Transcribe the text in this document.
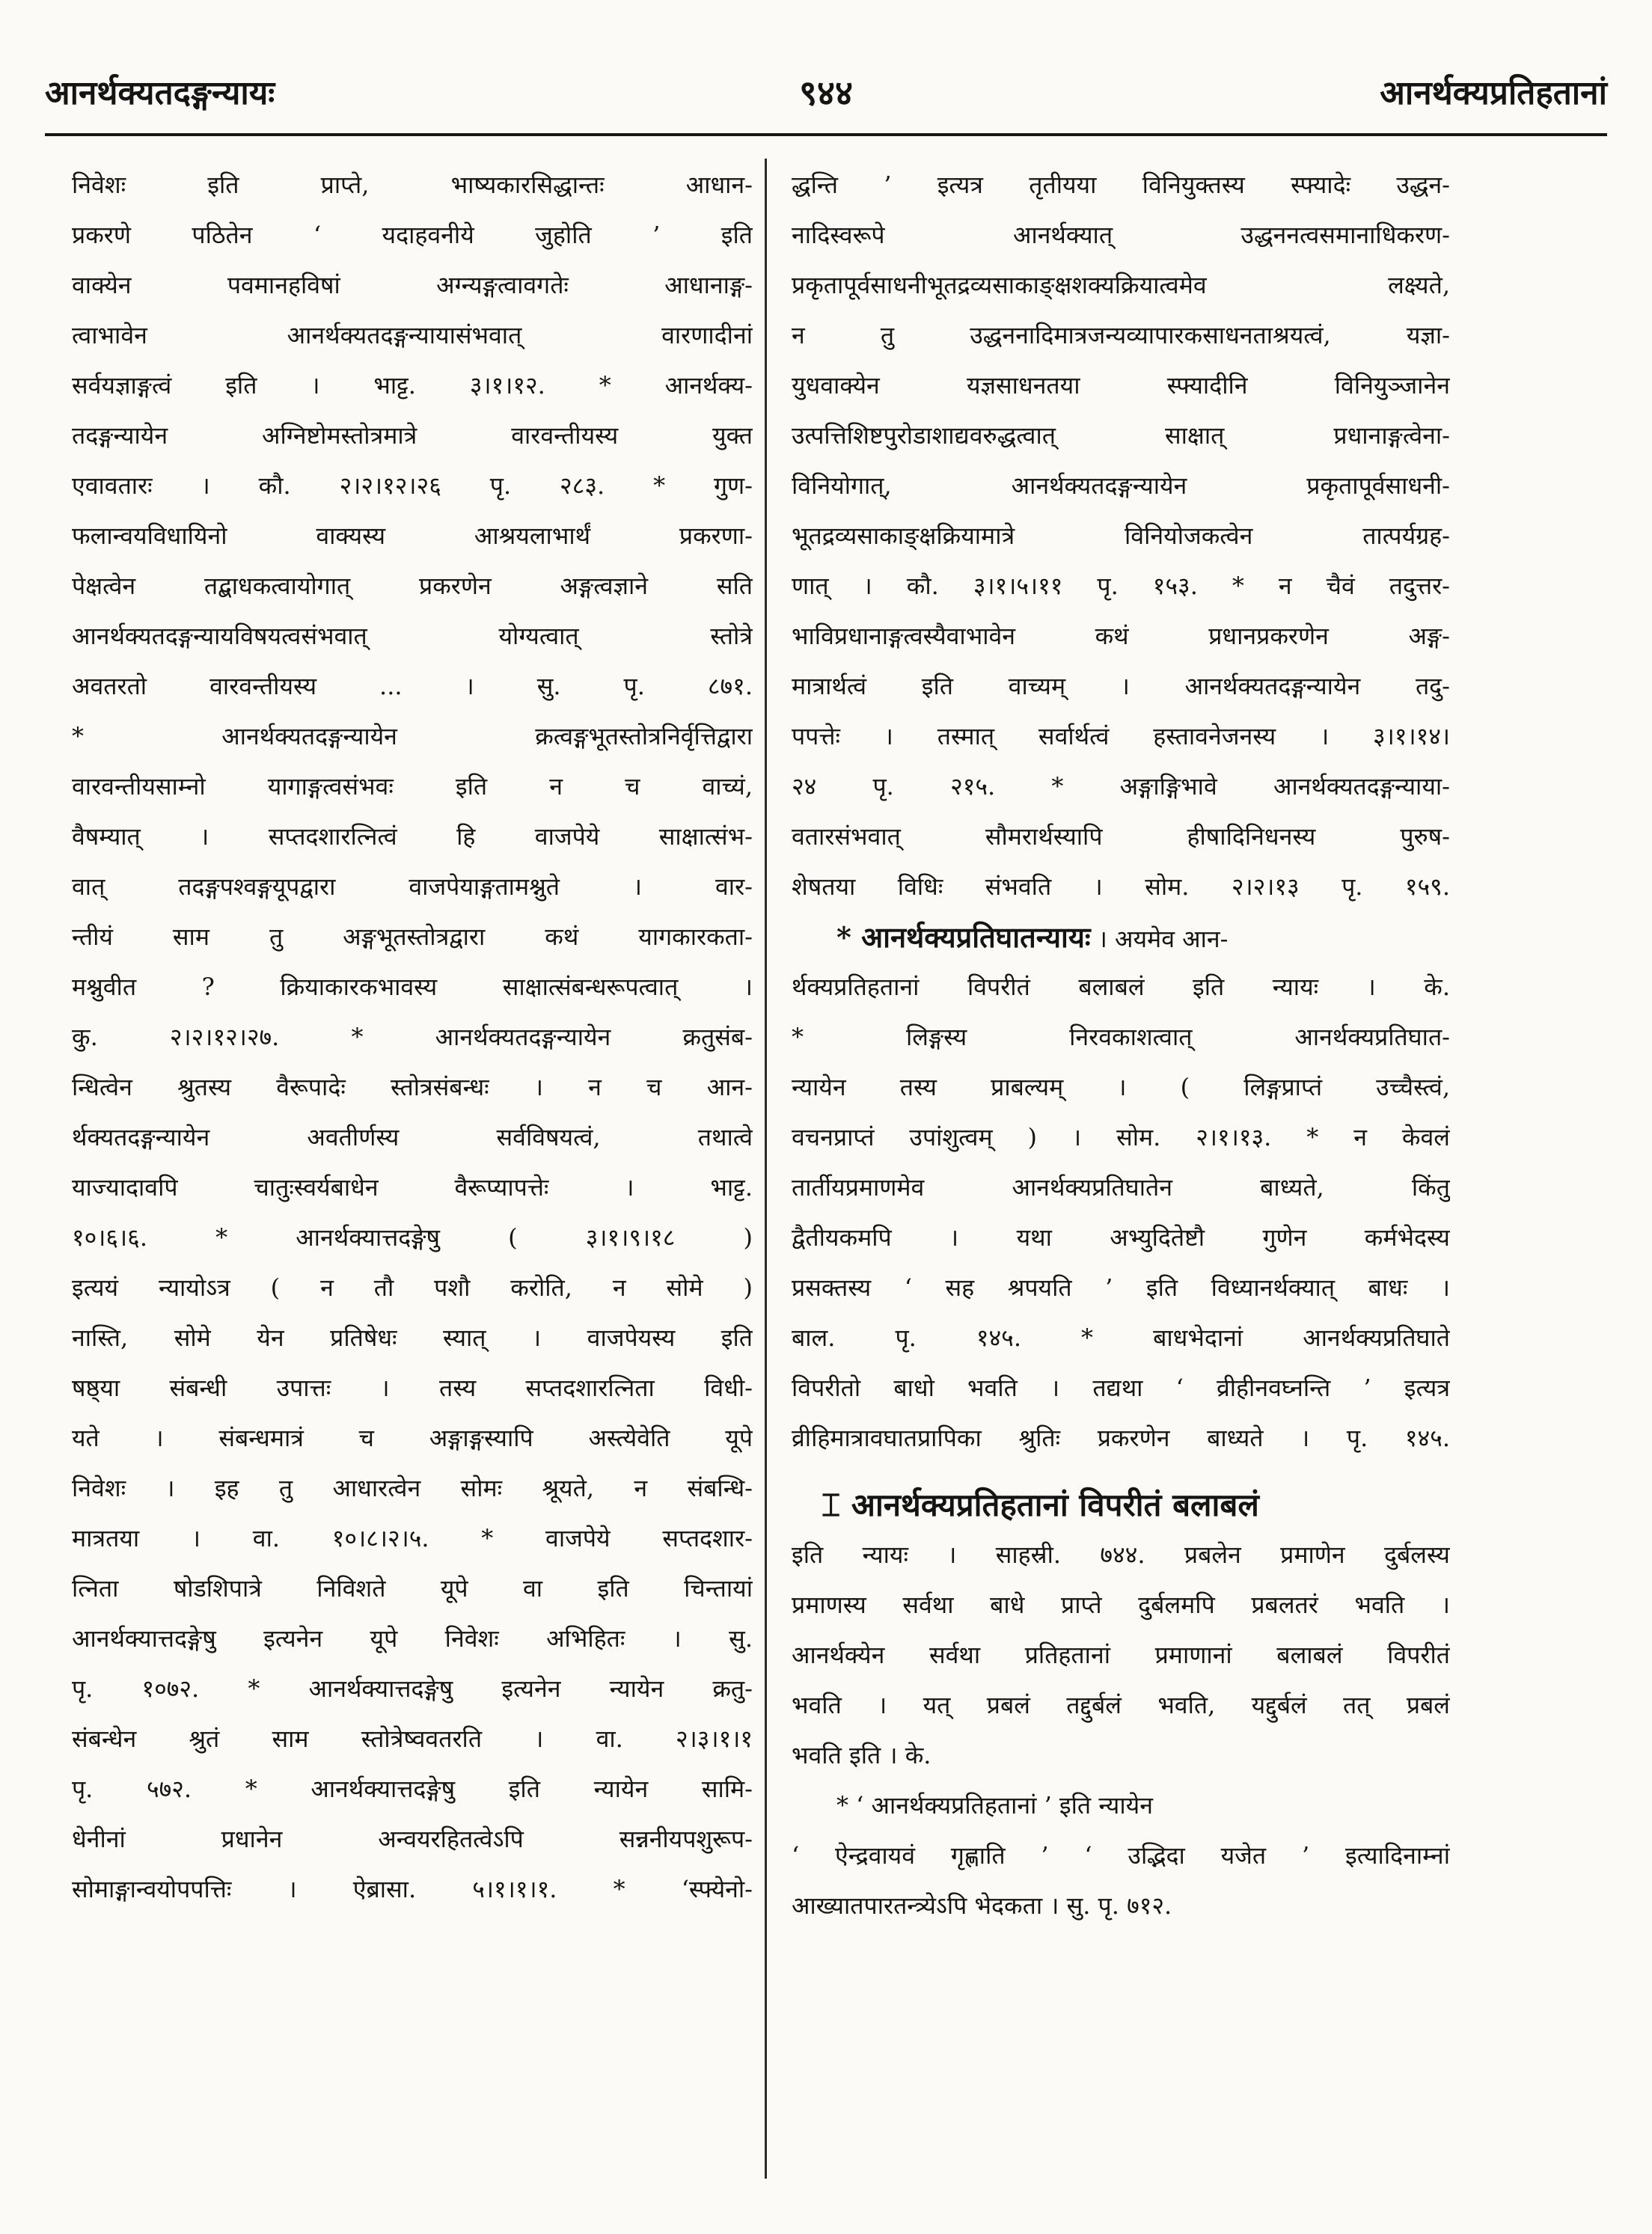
आनर्थक्यतदङ्गन्यायः	९४४	आनर्थक्यप्रतिहतानां
निवेशः इति प्राप्ते, भाष्यकारसिद्धान्तः आधान-
प्रकरणे पठितेन ‘ यदाहवनीये जुहोति ’ इति
वाक्येन पवमानहविषां अग्न्यङ्गत्वावगतेः आधानाङ्ग-
त्वाभावेन आनर्थक्यतदङ्गन्यायासंभवात् वारणादीनां
सर्वयज्ञाङ्गत्वं इति । भाट्ट. ३।१।१२. * आनर्थक्य-
तदङ्गन्यायेन अग्निष्टोमस्तोत्रमात्रे वारवन्तीयस्य युक्त
एवावतारः । कौ. २।२।१२।२६ पृ. २८३. * गुण-
फलान्वयविधायिनो वाक्यस्य आश्रयलाभार्थं प्रकरणा-
पेक्षत्वेन तद्बाधकत्वायोगात् प्रकरणेन अङ्गत्वज्ञाने सति
आनर्थक्यतदङ्गन्यायविषयत्वसंभवात् योग्यत्वात् स्तोत्रे
अवतरतो वारवन्तीयस्य ... । सु. पृ. ८७१.
* आनर्थक्यतदङ्गन्यायेन क्रत्वङ्गभूतस्तोत्रनिर्वृत्तिद्वारा
वारवन्तीयसाम्नो यागाङ्गत्वसंभवः इति न च वाच्यं,
वैषम्यात् । सप्तदशारत्नित्वं हि वाजपेये साक्षात्संभ-
वात् तदङ्गपश्वङ्गयूपद्वारा वाजपेयाङ्गतामश्नुते । वार-
न्तीयं साम तु अङ्गभूतस्तोत्रद्वारा कथं यागकारकता-
मश्नुवीत ? क्रियाकारकभावस्य साक्षात्संबन्धरूपत्वात् ।
कु. २।२।१२।२७. * आनर्थक्यतदङ्गन्यायेन क्रतुसंब-
न्धित्वेन श्रुतस्य वैरूपादेः स्तोत्रसंबन्धः । न च आन-
र्थक्यतदङ्गन्यायेन अवतीर्णस्य सर्वविषयत्वं, तथात्वे
याज्यादावपि चातुःस्वर्यबाधेन वैरूप्यापत्तेः । भाट्ट.
१०।६।६. * आनर्थक्यात्तदङ्गेषु ( ३।१।९।१८ )
इत्ययं न्यायोऽत्र ( न तौ पशौ करोति, न सोमे )
नास्ति, सोमे येन प्रतिषेधः स्यात् । वाजपेयस्य इति
षष्ठ्या संबन्धी उपात्तः । तस्य सप्तदशारत्निता विधी-
यते । संबन्धमात्रं च अङ्गाङ्गस्यापि अस्त्येवेति यूपे
निवेशः । इह तु आधारत्वेन सोमः श्रूयते, न संबन्धि-
मात्रतया । वा. १०।८।२।५. * वाजपेये सप्तदशार-
त्निता षोडशिपात्रे निविशते यूपे वा इति चिन्तायां
आनर्थक्यात्तदङ्गेषु इत्यनेन यूपे निवेशः अभिहितः । सु.
पृ. १०७२. * आनर्थक्यात्तदङ्गेषु इत्यनेन न्यायेन क्रतु-
संबन्धेन श्रुतं साम स्तोत्रेष्ववतरति । वा. २।३।१।१
पृ. ५७२. * आनर्थक्यात्तदङ्गेषु इति न्यायेन सामि-
धेनीनां प्रधानेन अन्वयरहितत्वेऽपि सन्ननीयपशुरूप-
सोमाङ्गान्वयोपपत्तिः । ऐब्रासा. ५।१।१।१. * ‘स्फ्येनो-
द्धन्ति ’ इत्यत्र तृतीयया विनियुक्तस्य स्फ्यादेः उद्धन-
नादिस्वरूपे आनर्थक्यात् उद्धननत्वसमानाधिकरण-
प्रकृतापूर्वसाधनीभूतद्रव्यसाकाङ्क्षशक्यक्रियात्वमेव लक्ष्यते,
न तु उद्धननादिमात्रजन्यव्यापारकसाधनताश्रयत्वं, यज्ञा-
युधवाक्येन यज्ञसाधनतया स्फ्यादीनि विनियुञ्जानेन
उत्पत्तिशिष्टपुरोडाशाद्यवरुद्धत्वात् साक्षात् प्रधानाङ्गत्वेना-
विनियोगात्, आनर्थक्यतदङ्गन्यायेन प्रकृतापूर्वसाधनी-
भूतद्रव्यसाकाङ्क्षक्रियामात्रे विनियोजकत्वेन तात्पर्यग्रह-
णात् । कौ. ३।१।५।११ पृ. १५३. * न चैवं तदुत्तर-
भाविप्रधानाङ्गत्वस्यैवाभावेन कथं प्रधानप्रकरणेन अङ्ग-
मात्रार्थत्वं इति वाच्यम् । आनर्थक्यतदङ्गन्यायेन तदु-
पपत्तेः । तस्मात् सर्वार्थत्वं हस्तावनेजनस्य । ३।१।१४।
२४ पृ. २१५. * अङ्गाङ्गिभावे आनर्थक्यतदङ्गन्याया-
वतारसंभवात् सौमरार्थस्यापि हीषादिनिधनस्य पुरुष-
शेषतया विधिः संभवति । सोम. २।२।१३ पृ. १५९.
* आनर्थक्यप्रतिघातन्यायः । अयमेव आन-
र्थक्यप्रतिहतानां विपरीतं बलाबलं इति न्यायः । के.
* लिङ्गस्य निरवकाशत्वात् आनर्थक्यप्रतिघात-
न्यायेन तस्य प्राबल्यम् । ( लिङ्गप्राप्तं उच्चैस्त्वं,
वचनप्राप्तं उपांशुत्वम् ) । सोम. २।१।१३. * न केवलं
तार्तीयप्रमाणमेव आनर्थक्यप्रतिघातेन बाध्यते, किंतु
द्वैतीयकमपि । यथा अभ्युदितेष्टौ गुणेन कर्मभेदस्य
प्रसक्तस्य ‘ सह श्रपयति ’ इति विध्यानर्थक्यात् बाधः ।
बाल. पृ. १४५. * बाधभेदानां आनर्थक्यप्रतिघाते
विपरीतो बाधो भवति । तद्यथा ‘ व्रीहीनवघ्नन्ति ’ इत्यत्र
व्रीहिमात्रावघातप्रापिका श्रुतिः प्रकरणेन बाध्यते । पृ. १४५.
⌶ आनर्थक्यप्रतिहतानां विपरीतं बलाबलं
इति न्यायः । साहस्री. ७४४. प्रबलेन प्रमाणेन दुर्बलस्य
प्रमाणस्य सर्वथा बाधे प्राप्ते दुर्बलमपि प्रबलतरं भवति ।
आनर्थक्येन सर्वथा प्रतिहतानां प्रमाणानां बलाबलं विपरीतं
भवति । यत् प्रबलं तद्दुर्बलं भवति, यद्दुर्बलं तत् प्रबलं
भवति इति । के.
* ‘ आनर्थक्यप्रतिहतानां ’ इति न्यायेन
‘ ऐन्द्रवायवं गृह्णाति ’ ‘ उद्भिदा यजेत ’ इत्यादिनाम्नां
आख्यातपारतन्त्र्येऽपि भेदकता । सु. पृ. ७१२.
